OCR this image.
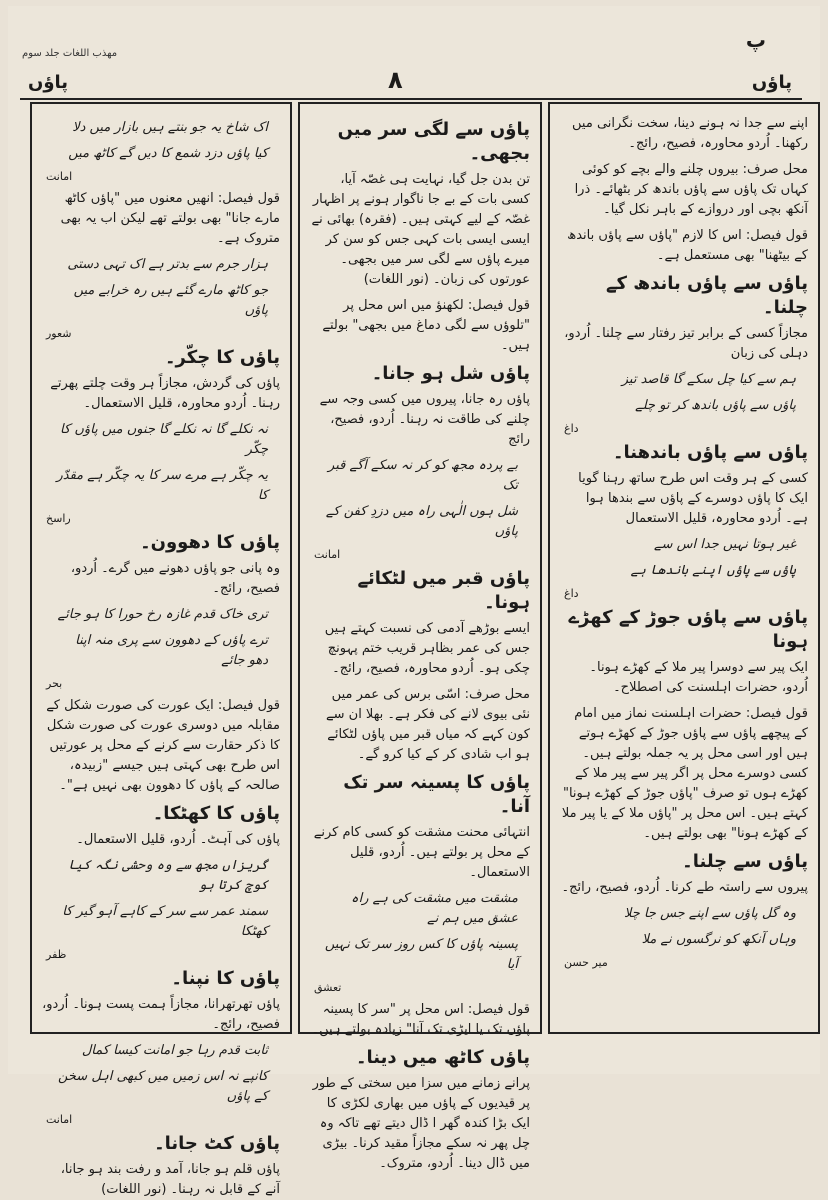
مهذب اللغات جلد سوم
پ
۸
پاؤں	پاؤں
اپنے سے جدا نہ ہونے دینا، سخت نگرانی میں رکھنا۔ اُردو محاورہ، فصیح، رائج۔
محل صرف: بیروں چلنے والے بچے کو کوئی کہاں تک پاؤں سے پاؤں باندھ کر بٹھائے۔ ذرا آنکھ بچی اور دروازے کے باہر نکل گیا۔
قول فیصل: اس کا لازم "پاؤں سے پاؤں باندھ کے بیٹھنا" بھی مستعمل ہے۔
پاؤں سے پاؤں باندھ کے چلنا۔
مجازاً کسی کے برابر تیز رفتار سے چلنا۔ اُردو، دہلی کی زبان
ہم سے کیا چل سکے گا قاصد تیز
پاؤں سے پاؤں باندھ کر تو چلے
داغ
پاؤں سے پاؤں باندھنا۔
کسی کے ہر وقت اس طرح ساتھ رہنا گویا ایک کا پاؤں دوسرے کے پاؤں سے بندھا ہوا ہے۔ اُردو محاورہ، قلیل الاستعمال
غیر ہوتا نہیں جدا اس سے
پاؤں سے پاؤں اپنے باندھا ہے
داغ
پاؤں سے پاؤں جوڑ کے کھڑے ہونا
ایک پیر سے دوسرا پیر ملا کے کھڑے ہونا۔ اُردو، حضرات اہلسنت کی اصطلاح۔
قول فیصل: حضرات اہلسنت نماز میں امام کے پیچھے پاؤں سے پاؤں جوڑ کے کھڑے ہوتے ہیں اور اسی محل پر یہ جملہ بولتے ہیں۔ کسی دوسرے محل پر اگر پیر سے پیر ملا کے کھڑے ہوں تو صرف "پاؤں جوڑ کے کھڑے ہونا" کہتے ہیں۔ اس محل پر "پاؤں ملا کے یا پیر ملا کے کھڑے ہونا" بھی بولتے ہیں۔
پاؤں سے چلنا۔
پیروں سے راستہ طے کرنا۔ اُردو، فصیح، رائج۔
وہ گل پاؤں سے اپنے جس جا چلا
وہاں آنکھ کو نرگسوں نے ملا
میر حسن
پاؤں سے لگی سر میں بجھی۔
تن بدن جل گیا، نہایت ہی غصّہ آیا، کسی بات کے بے جا ناگوار ہونے پر اظہار غصّہ کے لیے کہتی ہیں۔ (فقرہ) بھائی نے ایسی ایسی بات کہی جس کو سن کر میرے پاؤں سے لگی سر میں بجھی۔ عورتوں کی زبان۔ (نور اللغات)
قول فیصل: لکھنؤ میں اس محل پر "تلوؤں سے لگی دماغ میں بجھی" بولتے ہیں۔
پاؤں شل ہو جانا۔
پاؤں رہ جانا، پیروں میں کسی وجہ سے چلنے کی طاقت نہ رہنا۔ اُردو، فصیح، رائج
بے پردہ مجھ کو کر نہ سکے آگے قبر تک
شل ہوں الٰہی راہ میں دزدِ کفن کے پاؤں
امانت
پاؤں قبر میں لٹکائے ہونا۔
ایسے بوڑھے آدمی کی نسبت کہتے ہیں جس کی عمر بظاہر قریب ختم پہونچ چکی ہو۔ اُردو محاورہ، فصیح، رائج۔
محل صرف: اسّی برس کی عمر میں نئی بیوی لانے کی فکر ہے۔ بھلا ان سے کون کہے کہ میاں قبر میں پاؤں لٹکائے ہو اب شادی کر کے کیا کرو گے۔
پاؤں کا پسینہ سر تک آنا۔
انتہائی محنت مشقت کو کسی کام کرنے کے محل پر بولتے ہیں۔ اُردو، قلیل الاستعمال۔
مشقت میں مشقت کی ہے راہ عشق میں ہم نے
پسینہ پاؤں کا کس روز سر تک نہیں آیا
تعشق
قول فیصل: اس محل پر "سر کا پسینہ پاؤں تک یا ایڑی تک آنا" زیادہ بولتے ہیں۔
پاؤں کاٹھ میں دینا۔
پرانے زمانے میں سزا میں سختی کے طور پر قیدیوں کے پاؤں میں بھاری لکڑی کا ایک بڑا کندہ گھر ا ڈال دیتے تھے تاکہ وہ چل پھر نہ سکے مجازاً مقید کرنا۔ بیڑی میں ڈال دینا۔ اُردو، متروک۔
اک شاخ یہ جو بنتے ہیں بازار میں دلا
کیا پاؤں دزد شمع کا دیں گے کاٹھ میں
امانت
قول فیصل: انھیں معنوں میں "پاؤں کاٹھ مارے جانا" بھی بولتے تھے لیکن اب یہ بھی متروک ہے۔
ہزار جرم سے بدتر ہے اک تہی دستی
جو کاٹھ مارے گئے ہیں رہ خرابے میں پاؤں
شعور
پاؤں کا چکّر۔
پاؤں کی گردش، مجازاً ہر وقت چلتے پھرتے رہنا۔ اُردو محاورہ، قلیل الاستعمال۔
نہ نکلے گا نہ نکلے گا جنوں میں پاؤں کا چکّر
یہ چکّر ہے مرے سر کا یہ چکّر ہے مقدّر کا
راسخ
پاؤں کا دھوون۔
وہ پانی جو پاؤں دھونے میں گرے۔ اُردو، فصیح، رائج۔
تری خاک قدم غازہ رخ حورا کا ہو جائے
ترے پاؤں کے دھوون سے پری منہ اپنا دھو جائے
بحر
قول فیصل: ایک عورت کی صورت شکل کے مقابلہ میں دوسری عورت کی صورت شکل کا ذکر حقارت سے کرنے کے محل پر عورتیں اس طرح بھی کہتی ہیں جیسے "زبیدہ، صالحہ کے پاؤں کا دھوون بھی نہیں ہے"۔
پاؤں کا کھٹکا۔
پاؤں کی آہٹ۔ اُردو، قلیل الاستعمال۔
گریزاں مجھ سے وہ وحشی نگہ کیا کوچ کرتا ہو
سمند عمر سے سر کے کاہے آہو گیر کا کھٹکا
ظفر
پاؤں کا نپنا۔
پاؤں تھرتھرانا، مجازاً ہمت پست ہونا۔ اُردو، فصیح، رائج۔
ثابت قدم رہا جو امانت کیسا کمال
کانپے نہ اس زمیں میں کبھی اہل سخن کے پاؤں
امانت
پاؤں کٹ جانا۔
پاؤں قلم ہو جانا، آمد و رفت بند ہو جانا، آنے کے قابل نہ رہنا۔ (نور اللغات)
